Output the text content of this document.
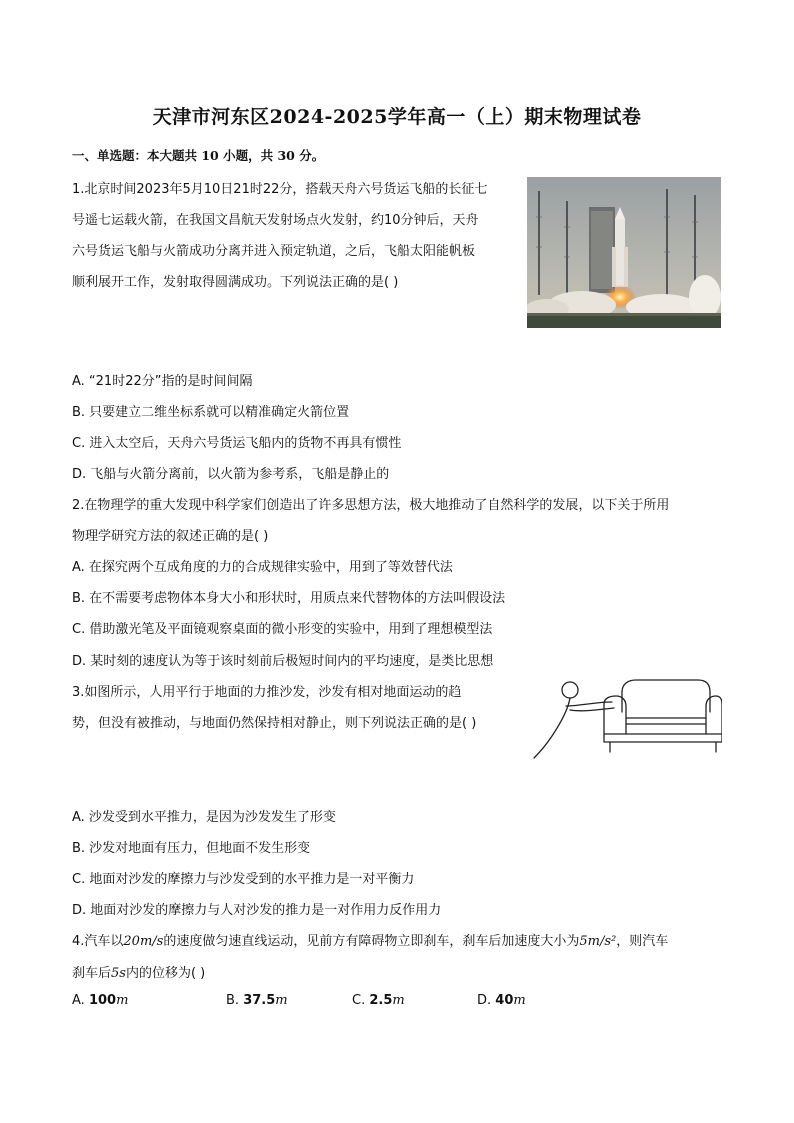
天津市河东区2024-2025学年高一（上）期末物理试卷
一、单选题：本大题共 10 小题，共 30 分。
1.北京时间2023年5月10日21时22分，搭载天舟六号货运飞船的长征七
号遥七运载火箭，在我国文昌航天发射场点火发射，约10分钟后，天舟
六号货运飞船与火箭成功分离并进入预定轨道，之后，飞船太阳能帆板
顺利展开工作，发射取得圆满成功。下列说法正确的是( )
A. “21时22分”指的是时间间隔
B. 只要建立二维坐标系就可以精准确定火箭位置
C. 进入太空后，天舟六号货运飞船内的货物不再具有惯性
D. 飞船与火箭分离前，以火箭为参考系，飞船是静止的
2.在物理学的重大发现中科学家们创造出了许多思想方法，极大地推动了自然科学的发展，以下关于所用
物理学研究方法的叙述正确的是( )
A. 在探究两个互成角度的力的合成规律实验中，用到了等效替代法
B. 在不需要考虑物体本身大小和形状时，用质点来代替物体的方法叫假设法
C. 借助激光笔及平面镜观察桌面的微小形变的实验中，用到了理想模型法
D. 某时刻的速度认为等于该时刻前后极短时间内的平均速度，是类比思想
3.如图所示，人用平行于地面的力推沙发，沙发有相对地面运动的趋
势，但没有被推动，与地面仍然保持相对静止，则下列说法正确的是( )
A. 沙发受到水平推力，是因为沙发发生了形变
B. 沙发对地面有压力，但地面不发生形变
C. 地面对沙发的摩擦力与沙发受到的水平推力是一对平衡力
D. 地面对沙发的摩擦力与人对沙发的推力是一对作用力反作用力
4.汽车以20m/s的速度做匀速直线运动，见前方有障碍物立即刹车，刹车后加速度大小为5m/s²，则汽车
刹车后5s内的位移为( )
A. 100m	B. 37.5m	C. 2.5m	D. 40m
